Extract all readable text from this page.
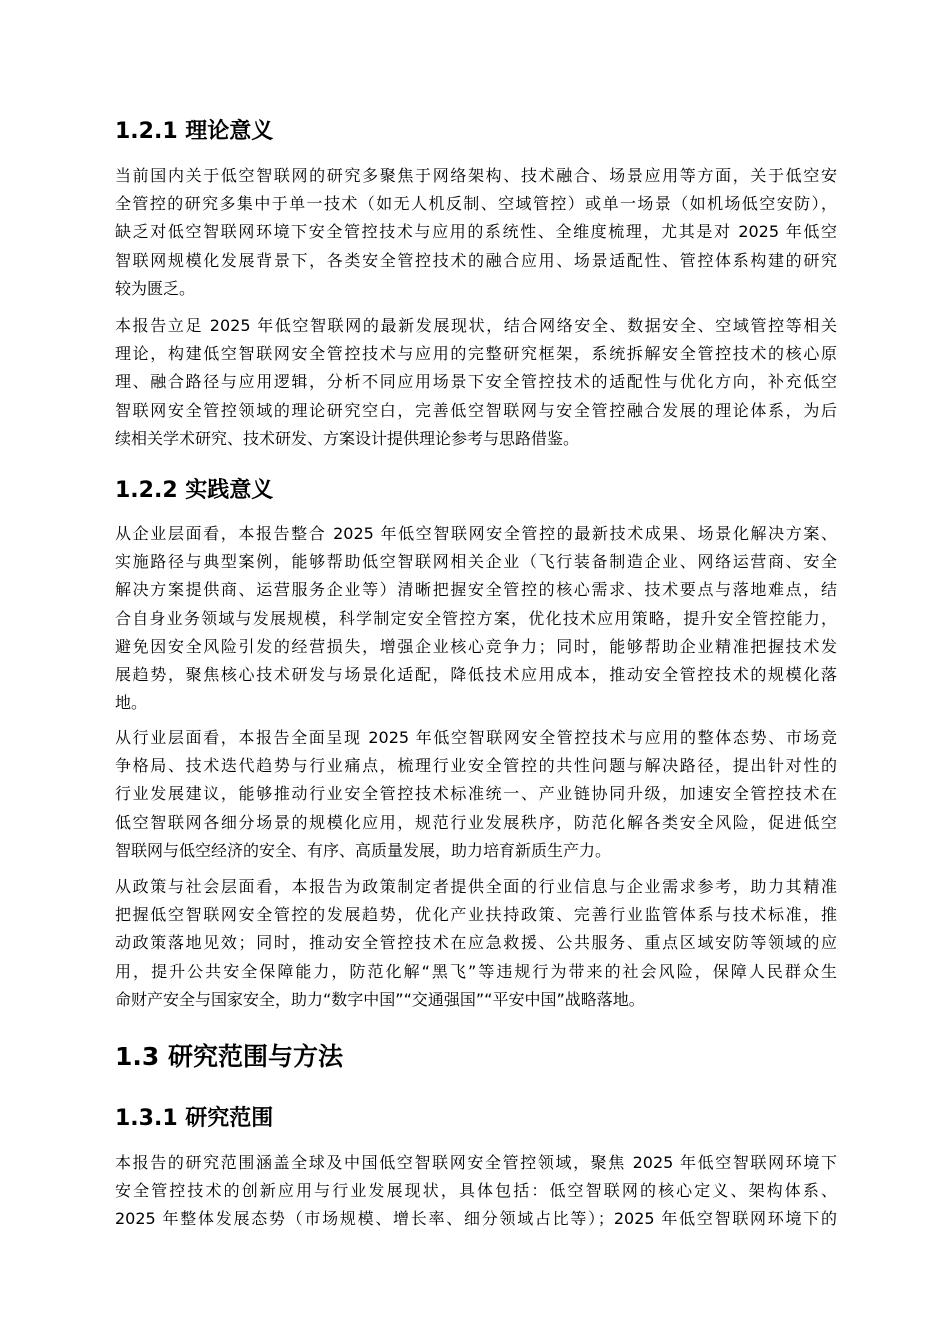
1.2.1 理论意义
当前国内关于低空智联网的研究多聚焦于网络架构、技术融合、场景应用等方面，关于低空安
全管控的研究多集中于单一技术（如无人机反制、空域管控）或单一场景（如机场低空安防），
缺乏对低空智联网环境下安全管控技术与应用的系统性、全维度梳理，尤其是对 2025 年低空
智联网规模化发展背景下，各类安全管控技术的融合应用、场景适配性、管控体系构建的研究
较为匮乏。
本报告立足 2025 年低空智联网的最新发展现状，结合网络安全、数据安全、空域管控等相关
理论，构建低空智联网安全管控技术与应用的完整研究框架，系统拆解安全管控技术的核心原
理、融合路径与应用逻辑，分析不同应用场景下安全管控技术的适配性与优化方向，补充低空
智联网安全管控领域的理论研究空白，完善低空智联网与安全管控融合发展的理论体系，为后
续相关学术研究、技术研发、方案设计提供理论参考与思路借鉴。
1.2.2 实践意义
从企业层面看，本报告整合 2025 年低空智联网安全管控的最新技术成果、场景化解决方案、
实施路径与典型案例，能够帮助低空智联网相关企业（飞行装备制造企业、网络运营商、安全
解决方案提供商、运营服务企业等）清晰把握安全管控的核心需求、技术要点与落地难点，结
合自身业务领域与发展规模，科学制定安全管控方案，优化技术应用策略，提升安全管控能力，
避免因安全风险引发的经营损失，增强企业核心竞争力；同时，能够帮助企业精准把握技术发
展趋势，聚焦核心技术研发与场景化适配，降低技术应用成本，推动安全管控技术的规模化落
地。
从行业层面看，本报告全面呈现 2025 年低空智联网安全管控技术与应用的整体态势、市场竞
争格局、技术迭代趋势与行业痛点，梳理行业安全管控的共性问题与解决路径，提出针对性的
行业发展建议，能够推动行业安全管控技术标准统一、产业链协同升级，加速安全管控技术在
低空智联网各细分场景的规模化应用，规范行业发展秩序，防范化解各类安全风险，促进低空
智联网与低空经济的安全、有序、高质量发展，助力培育新质生产力。
从政策与社会层面看，本报告为政策制定者提供全面的行业信息与企业需求参考，助力其精准
把握低空智联网安全管控的发展趋势，优化产业扶持政策、完善行业监管体系与技术标准，推
动政策落地见效；同时，推动安全管控技术在应急救援、公共服务、重点区域安防等领域的应
用，提升公共安全保障能力，防范化解“黑飞”等违规行为带来的社会风险，保障人民群众生
命财产安全与国家安全，助力“数字中国”“交通强国”“平安中国”战略落地。
1.3 研究范围与方法
1.3.1 研究范围
本报告的研究范围涵盖全球及中国低空智联网安全管控领域，聚焦 2025 年低空智联网环境下
安全管控技术的创新应用与行业发展现状，具体包括：低空智联网的核心定义、架构体系、
2025 年整体发展态势（市场规模、增长率、细分领域占比等）；2025 年低空智联网环境下的
